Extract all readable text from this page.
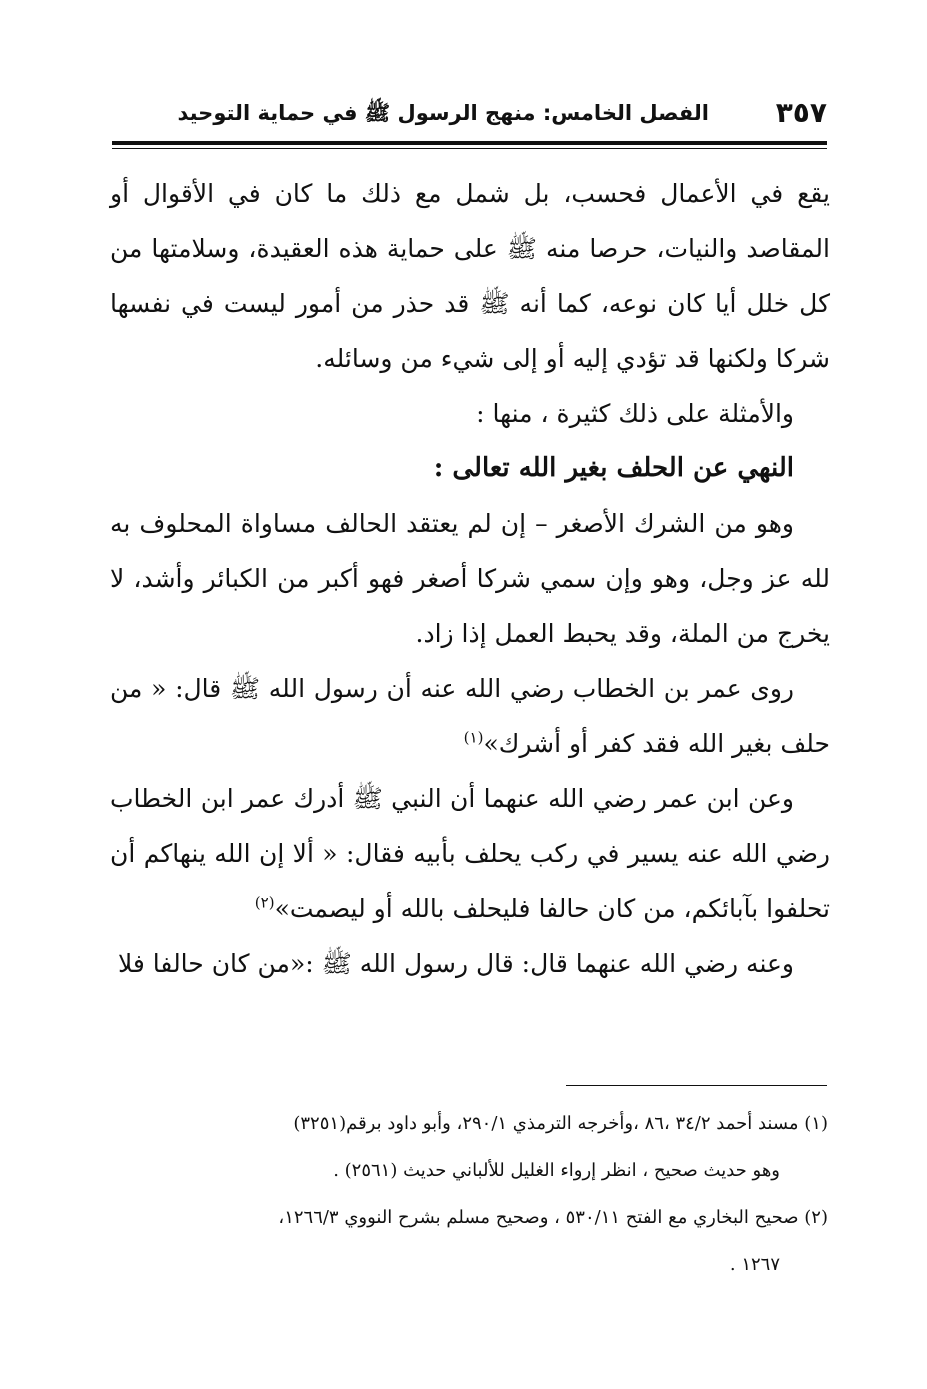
٣٥٧
الفصل الخامس: منهج الرسول ﷺ في حماية التوحيد

يقع في الأعمال فحسب، بل شمل مع ذلك ما كان في الأقوال أو المقاصد والنيات، حرصا منه ﷺ على حماية هذه العقيدة، وسلامتها من كل خلل أيا كان نوعه، كما أنه ﷺ قد حذر من أمور ليست في نفسها شركا ولكنها قد تؤدي إليه أو إلى شيء من وسائله.

والأمثلة على ذلك كثيرة ، منها :

النهي عن الحلف بغير الله تعالى :

وهو من الشرك الأصغر – إن لم يعتقد الحالف مساواة المحلوف به لله عز وجل، وهو وإن سمي شركا أصغر فهو أكبر من الكبائر وأشد، لا يخرج من الملة، وقد يحبط العمل إذا زاد.

روى عمر بن الخطاب رضي الله عنه أن رسول الله ﷺ قال: « من حلف بغير الله فقد كفر أو أشرك»$^{(١)}$

وعن ابن عمر رضي الله عنهما أن النبي ﷺ أدرك عمر ابن الخطاب رضي الله عنه يسير في ركب يحلف بأبيه فقال: « ألا إن الله ينهاكم أن تحلفوا بآبائكم، من كان حالفا فليحلف بالله أو ليصمت»$^{(٢)}$

وعنه رضي الله عنهما قال: قال رسول الله ﷺ :«من كان حالفا فلا

(١) مسند أحمد ٣٤/٢ ،٨٦ ،وأخرجه الترمذي ٢٩٠/١، وأبو داود برقم(٣٢٥١)

وهو حديث صحيح ، انظر إرواء الغليل للألباني حديث (٢٥٦١) .

(٢) صحيح البخاري مع الفتح ٥٣٠/١١ ، وصحيح مسلم بشرح النووي ١٢٦٦/٣،

١٢٦٧ .
